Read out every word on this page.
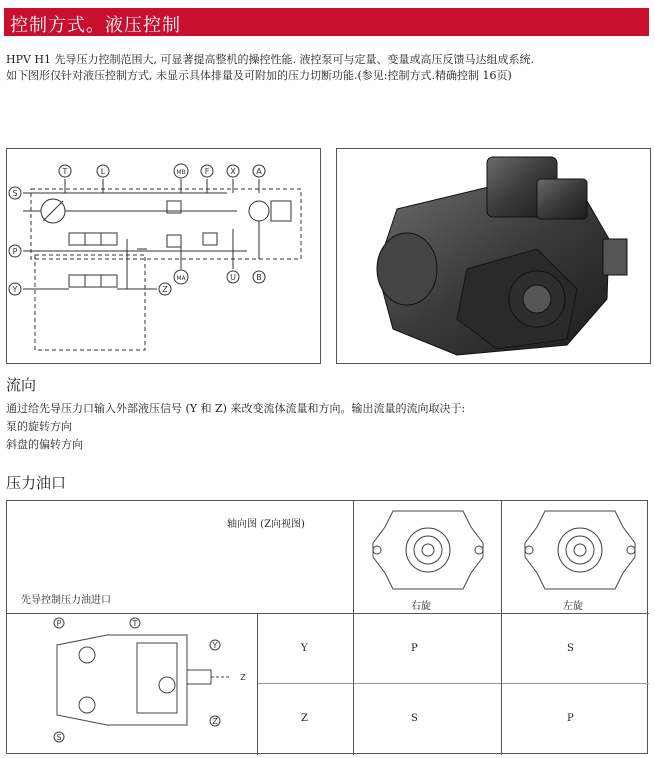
控制方式。液压控制
HPV H1 先导压力控制范围大, 可显著提高整机的操控性能. 液控泵可与定量、变量或高压反馈马达组成系统.
如下图形仅针对液压控制方式, 未显示具体排量及可附加的压力切断功能.(参见:控制方式.精确控制 16页)
S
P
Y
T	L	MB F	X	A
B
MA	U
Z
流向
通过给先导压力口输入外部液压信号 (Y 和 Z) 来改变流体流量和方向。输出流量的流向取决于:
泵的旋转方向
斜盘的偏转方向
压力油口
轴向图 (Z向视图)
先导控制压力油进口
右旋	左旋
P	T
Y
Z
S
Z
Y	P	S
Z	S	P
